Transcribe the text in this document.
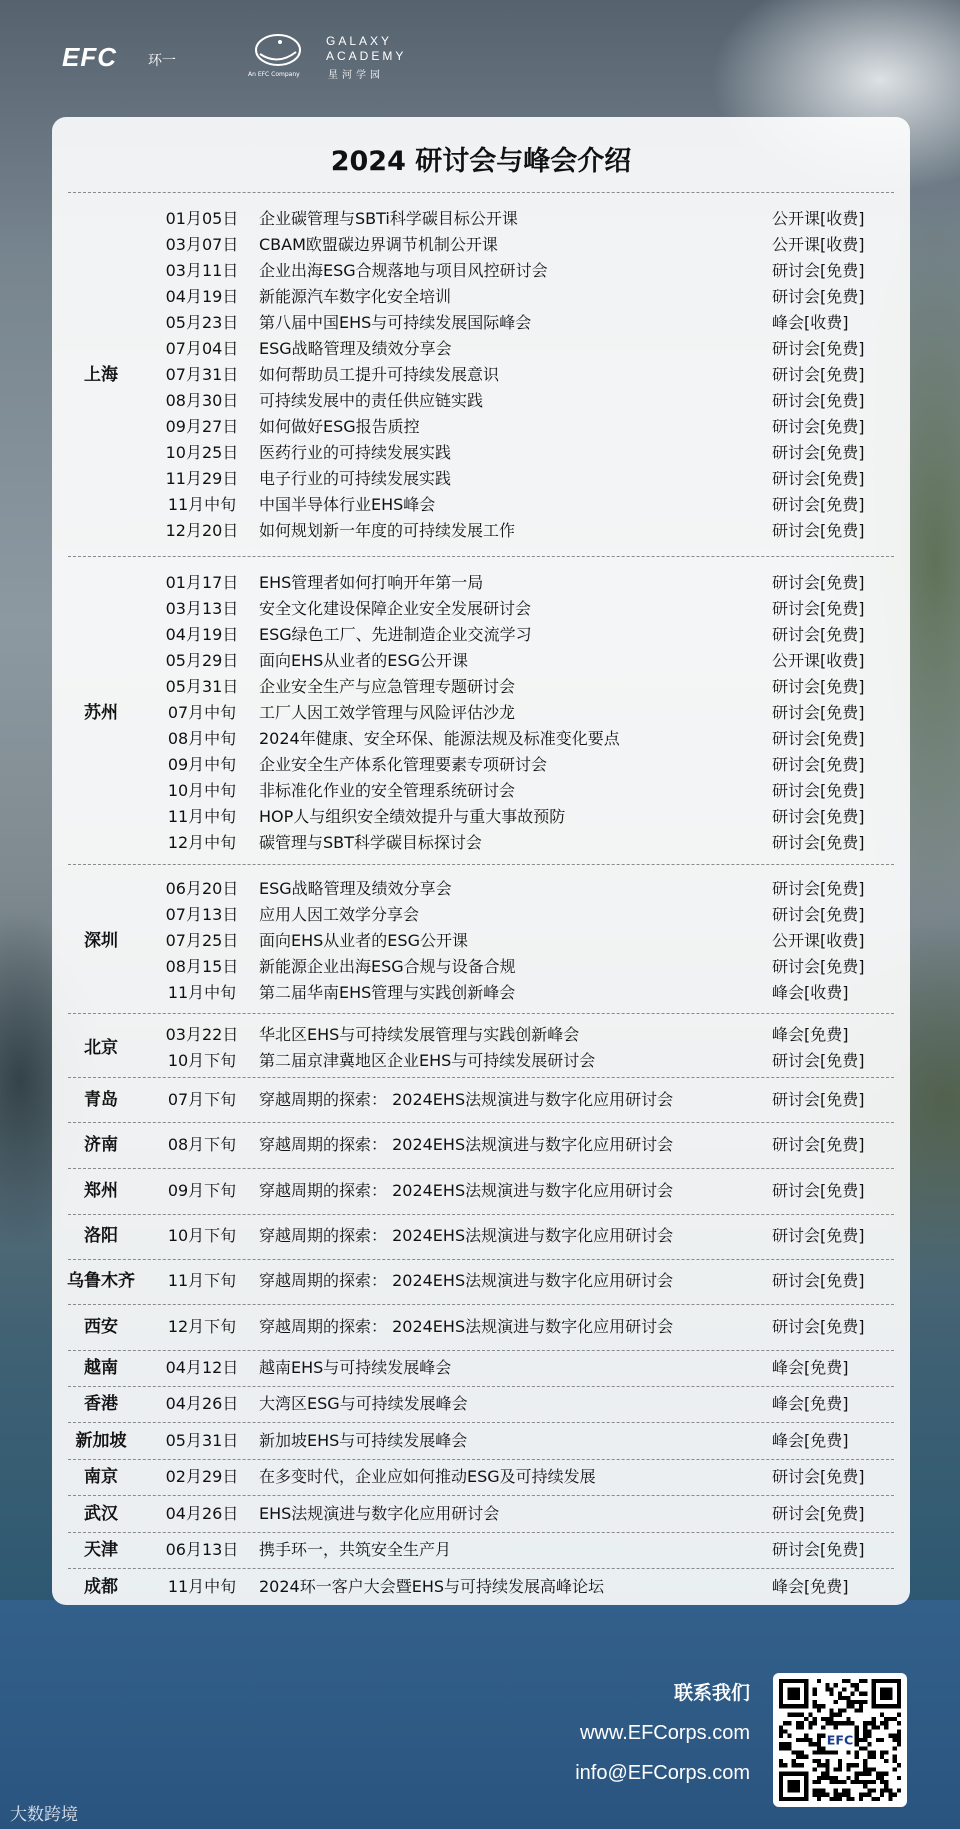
EFC 环一
An EFC Company
GALAXY
ACADEMY
星河学园
2024 研讨会与峰会介绍
上海
01月05日	企业碳管理与SBTi科学碳目标公开课	公开课[收费]
03月07日	CBAM欧盟碳边界调节机制公开课	公开课[收费]
03月11日	企业出海ESG合规落地与项目风控研讨会	研讨会[免费]
04月19日	新能源汽车数字化安全培训	研讨会[免费]
05月23日	第八届中国EHS与可持续发展国际峰会	峰会[收费]
07月04日	ESG战略管理及绩效分享会	研讨会[免费]
07月31日	如何帮助员工提升可持续发展意识	研讨会[免费]
08月30日	可持续发展中的责任供应链实践	研讨会[免费]
09月27日	如何做好ESG报告质控	研讨会[免费]
10月25日	医药行业的可持续发展实践	研讨会[免费]
11月29日	电子行业的可持续发展实践	研讨会[免费]
11月中旬	中国半导体行业EHS峰会	研讨会[免费]
12月20日	如何规划新一年度的可持续发展工作	研讨会[免费]
苏州
01月17日	EHS管理者如何打响开年第一局	研讨会[免费]
03月13日	安全文化建设保障企业安全发展研讨会	研讨会[免费]
04月19日	ESG绿色工厂、先进制造企业交流学习	研讨会[免费]
05月29日	面向EHS从业者的ESG公开课	公开课[收费]
05月31日	企业安全生产与应急管理专题研讨会	研讨会[免费]
07月中旬	工厂人因工效学管理与风险评估沙龙	研讨会[免费]
08月中旬	2024年健康、安全环保、能源法规及标准变化要点	研讨会[免费]
09月中旬	企业安全生产体系化管理要素专项研讨会	研讨会[免费]
10月中旬	非标准化作业的安全管理系统研讨会	研讨会[免费]
11月中旬	HOP人与组织安全绩效提升与重大事故预防	研讨会[免费]
12月中旬	碳管理与SBT科学碳目标探讨会	研讨会[免费]
深圳
06月20日	ESG战略管理及绩效分享会	研讨会[免费]
07月13日	应用人因工效学分享会	研讨会[免费]
07月25日	面向EHS从业者的ESG公开课	公开课[收费]
08月15日	新能源企业出海ESG合规与设备合规	研讨会[免费]
11月中旬	第二届华南EHS管理与实践创新峰会	峰会[收费]
北京
03月22日	华北区EHS与可持续发展管理与实践创新峰会	峰会[免费]
10月下旬	第二届京津冀地区企业EHS与可持续发展研讨会	研讨会[免费]
青岛	07月下旬	穿越周期的探索： 2024EHS法规演进与数字化应用研讨会	研讨会[免费]
济南	08月下旬	穿越周期的探索： 2024EHS法规演进与数字化应用研讨会	研讨会[免费]
郑州	09月下旬	穿越周期的探索： 2024EHS法规演进与数字化应用研讨会	研讨会[免费]
洛阳	10月下旬	穿越周期的探索： 2024EHS法规演进与数字化应用研讨会	研讨会[免费]
乌鲁木齐	11月下旬	穿越周期的探索： 2024EHS法规演进与数字化应用研讨会	研讨会[免费]
西安	12月下旬	穿越周期的探索： 2024EHS法规演进与数字化应用研讨会	研讨会[免费]
越南	04月12日	越南EHS与可持续发展峰会	峰会[免费]
香港	04月26日	大湾区ESG与可持续发展峰会	峰会[免费]
新加坡	05月31日	新加坡EHS与可持续发展峰会	峰会[免费]
南京	02月29日	在多变时代，企业应如何推动ESG及可持续发展	研讨会[免费]
武汉	04月26日	EHS法规演进与数字化应用研讨会	研讨会[免费]
天津	06月13日	携手环一，共筑安全生产月	研讨会[免费]
成都	11月中旬	2024环一客户大会暨EHS与可持续发展高峰论坛	峰会[免费]
联系我们
www.EFCorps.com
info@EFCorps.com
EFC
大数跨境
